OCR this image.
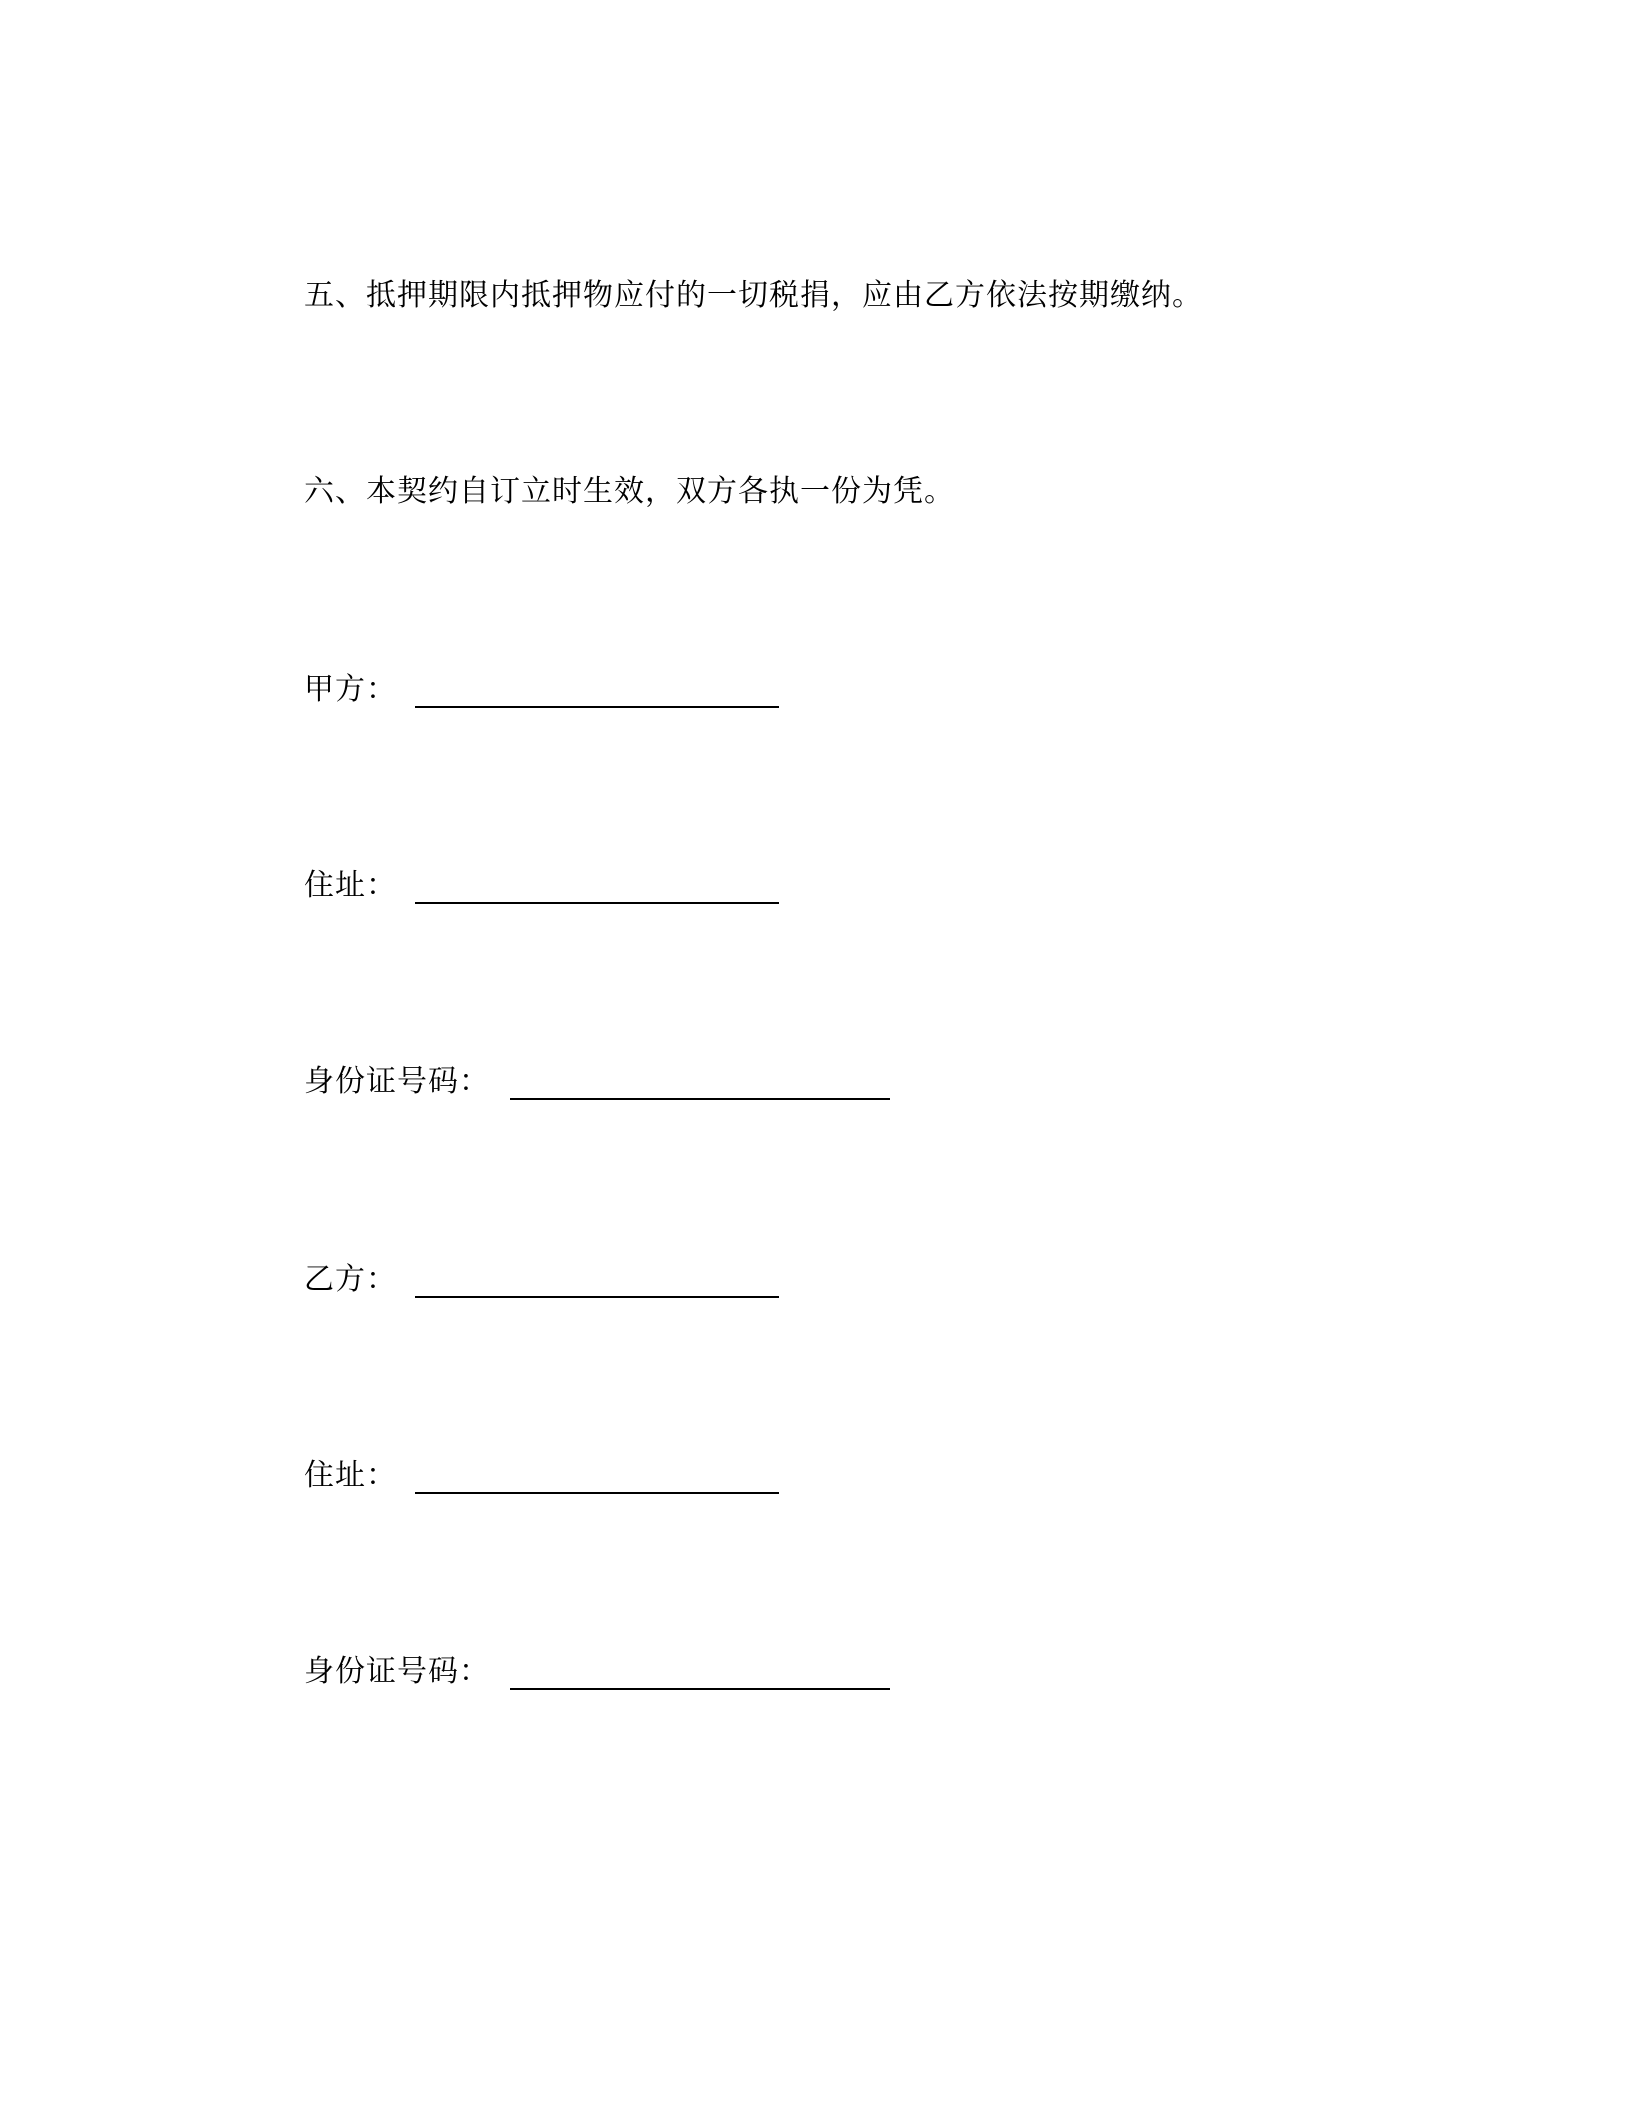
五、抵押期限内抵押物应付的一切税捐，应由乙方依法按期缴纳。
六、本契约自订立时生效，双方各执一份为凭。
甲方：
住址：
身份证号码：
乙方：
住址：
身份证号码：
